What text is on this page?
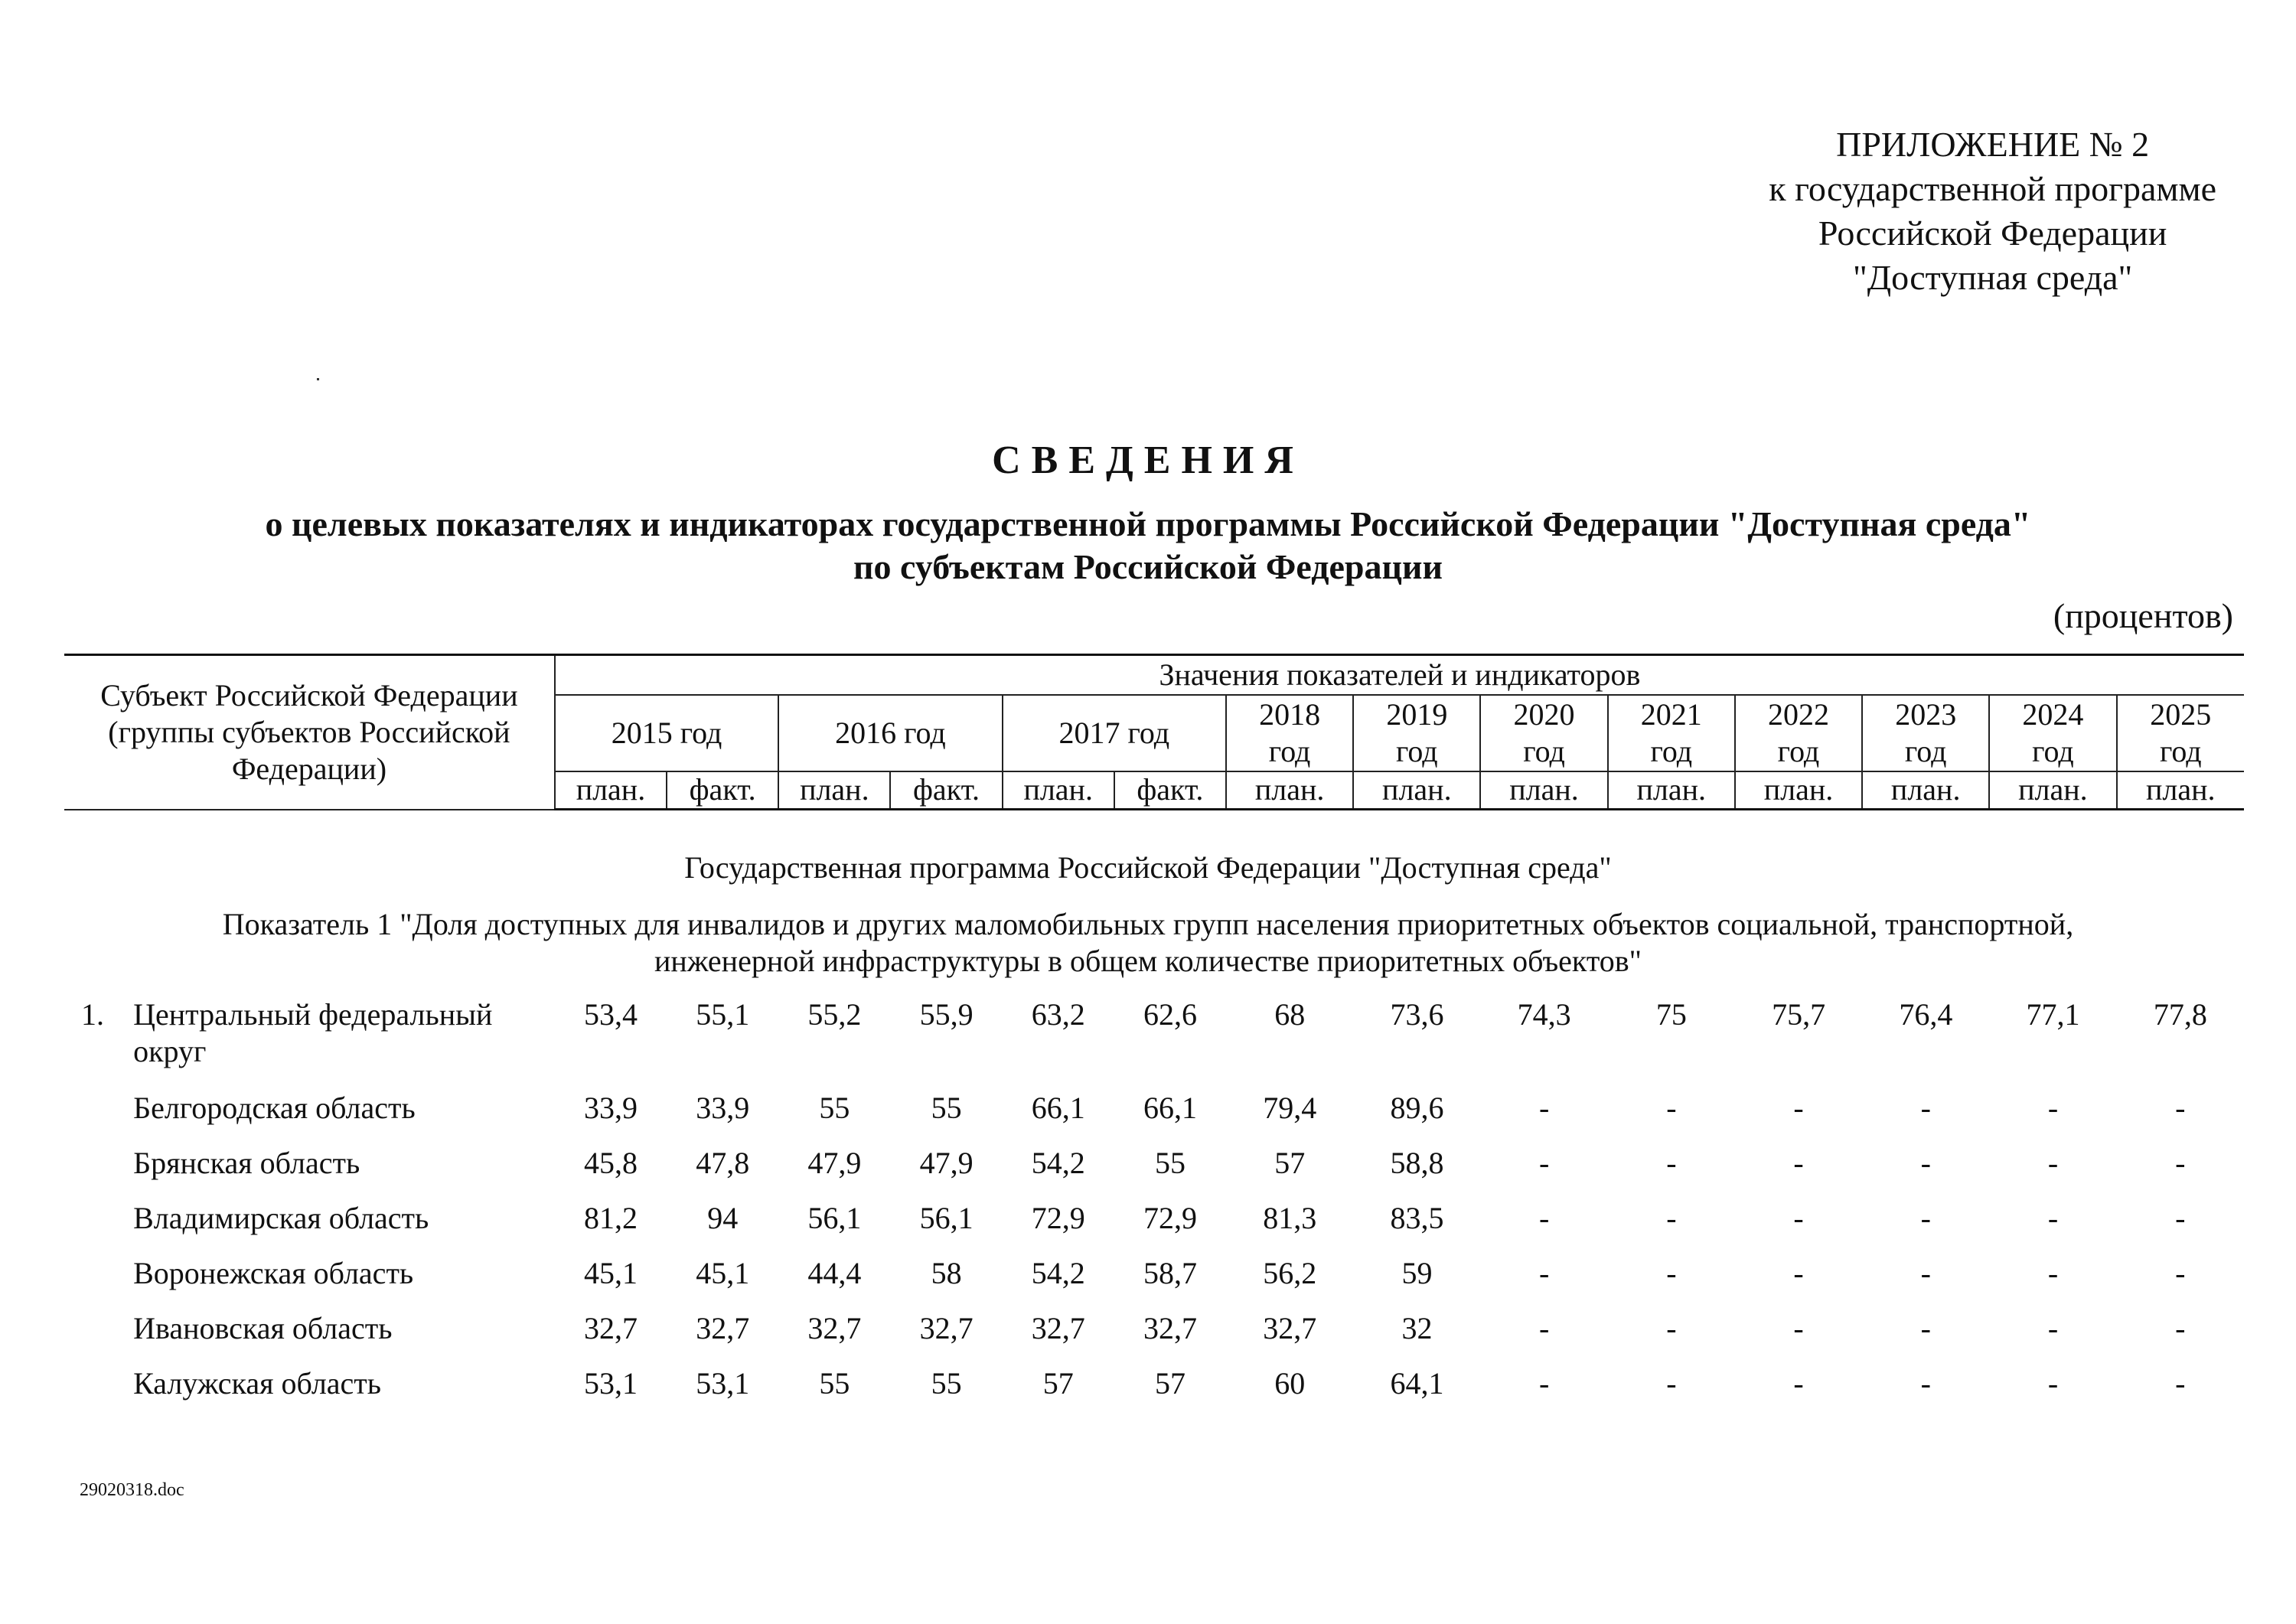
ПРИЛОЖЕНИЕ № 2
к государственной программе
Российской Федерации
"Доступная среда"
СВЕДЕНИЯ
о целевых показателях и индикаторах государственной программы Российской Федерации "Доступная среда"
по субъектам Российской Федерации
(процентов)
Субъект Российской Федерации (группы субъектов Российской Федерации)	Значения показателей и индикаторов													
	2015 год		2016 год		2017 год		2018 год	2019 год	2020 год	2021 год	2022 год	2023 год	2024 год	2025 год
	план.	факт.	план.	факт.	план.	факт.	план.	план.	план.	план.	план.	план.	план.	план.
Государственная программа Российской Федерации "Доступная среда"
Показатель 1 "Доля доступных для инвалидов и других маломобильных групп населения приоритетных объектов социальной, транспортной,
инженерной инфраструктуры в общем количестве приоритетных объектов"
1.	Центральный федеральный округ	53,4	55,1	55,2	55,9	63,2	62,6	68	73,6	74,3	75	75,7	76,4	77,1	77,8
	Белгородская область	33,9	33,9	55	55	66,1	66,1	79,4	89,6	-	-	-	-	-	-
	Брянская область	45,8	47,8	47,9	47,9	54,2	55	57	58,8	-	-	-	-	-	-
	Владимирская область	81,2	94	56,1	56,1	72,9	72,9	81,3	83,5	-	-	-	-	-	-
	Воронежская область	45,1	45,1	44,4	58	54,2	58,7	56,2	59	-	-	-	-	-	-
	Ивановская область	32,7	32,7	32,7	32,7	32,7	32,7	32,7	32	-	-	-	-	-	-
	Калужская область	53,1	53,1	55	55	57	57	60	64,1	-	-	-	-	-	-
29020318.doc
